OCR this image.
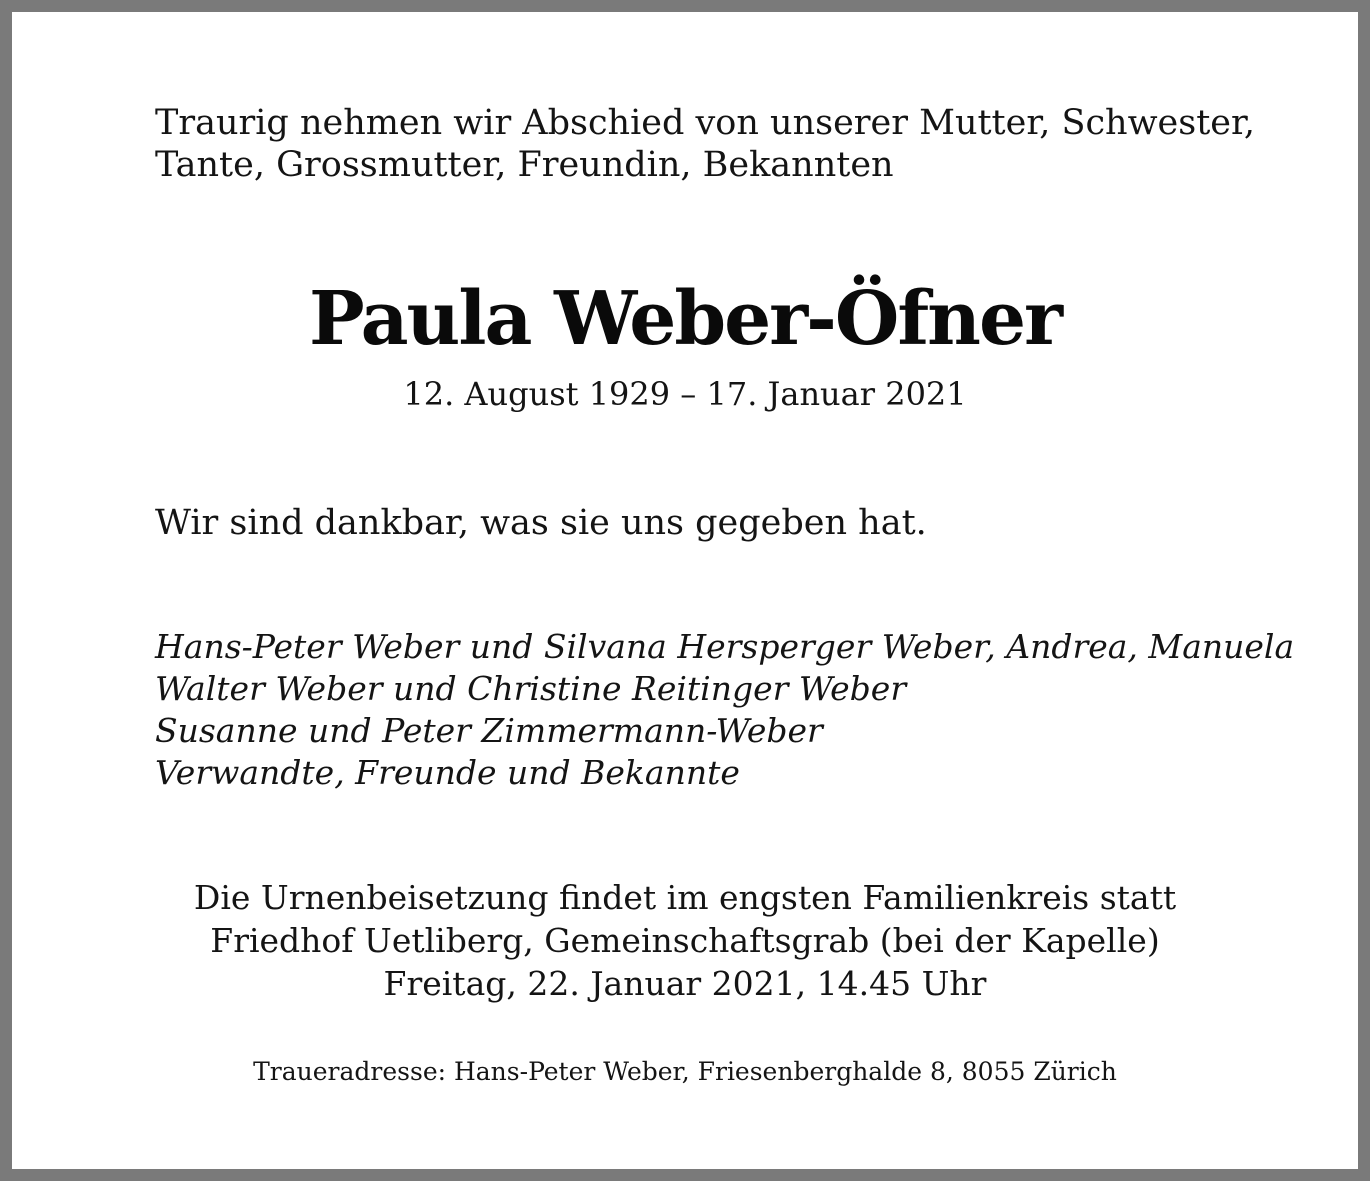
Traurig nehmen wir Abschied von unserer Mutter, Schwester,
Tante, Grossmutter, Freundin, Bekannten
Paula Weber-Öfner
12. August 1929 – 17. Januar 2021
Wir sind dankbar, was sie uns gegeben hat.
Hans-Peter Weber und Silvana Hersperger Weber, Andrea, Manuela
Walter Weber und Christine Reitinger Weber
Susanne und Peter Zimmermann-Weber
Verwandte, Freunde und Bekannte
Die Urnenbeisetzung findet im engsten Familienkreis statt
Friedhof Uetliberg, Gemeinschaftsgrab (bei der Kapelle)
Freitag, 22. Januar 2021, 14.45 Uhr
Traueradresse: Hans-Peter Weber, Friesenberghalde 8, 8055 Zürich
